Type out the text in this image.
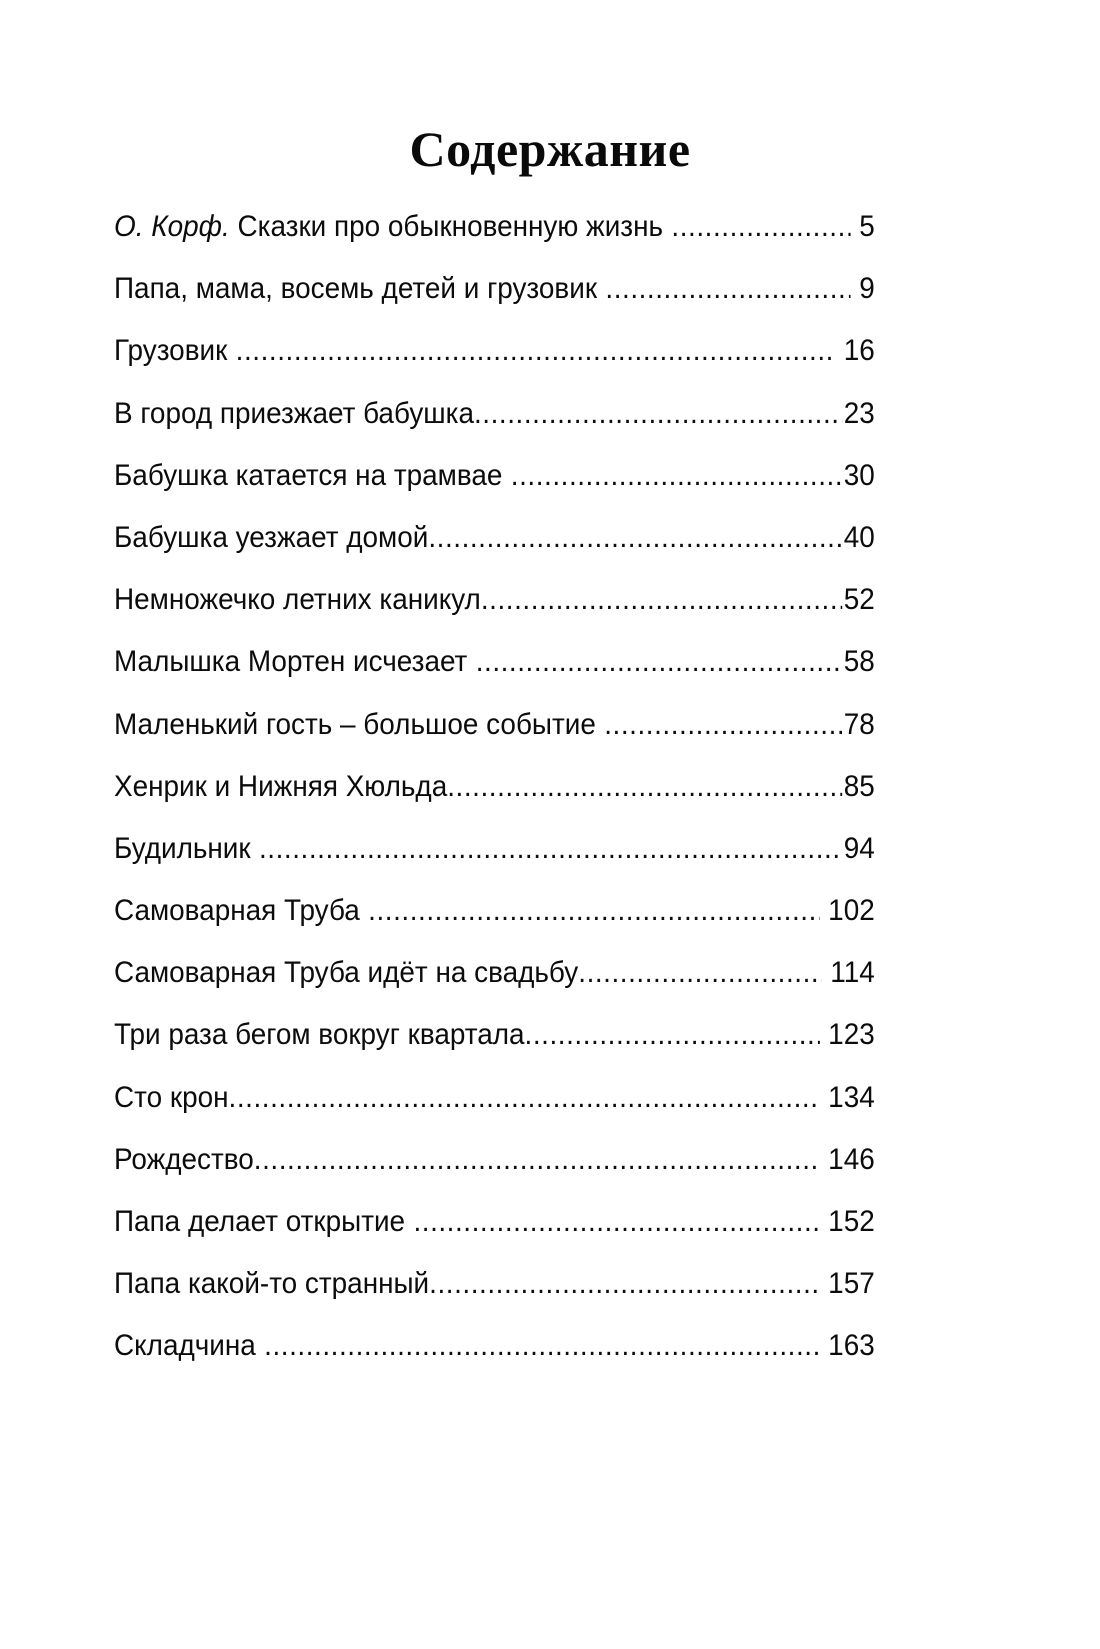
Содержание
О. Корф. Сказки про обыкновенную жизнь .....	5
Папа, мама, восемь детей и грузовик .....	9
Грузовик .....	16
В город приезжает бабушка .....	23
Бабушка катается на трамвае .....	30
Бабушка уезжает домой .....	40
Немножечко летних каникул .....	52
Малышка Мортен исчезает .....	58
Маленький гость – большое событие .....	78
Хенрик и Нижняя Хюльда .....	85
Будильник .....	94
Самоварная Труба .....	102
Самоварная Труба идёт на свадьбу .....	114
Три раза бегом вокруг квартала .....	123
Сто крон .....	134
Рождество .....	146
Папа делает открытие .....	152
Папа какой-то странный .....	157
Складчина .....	163
